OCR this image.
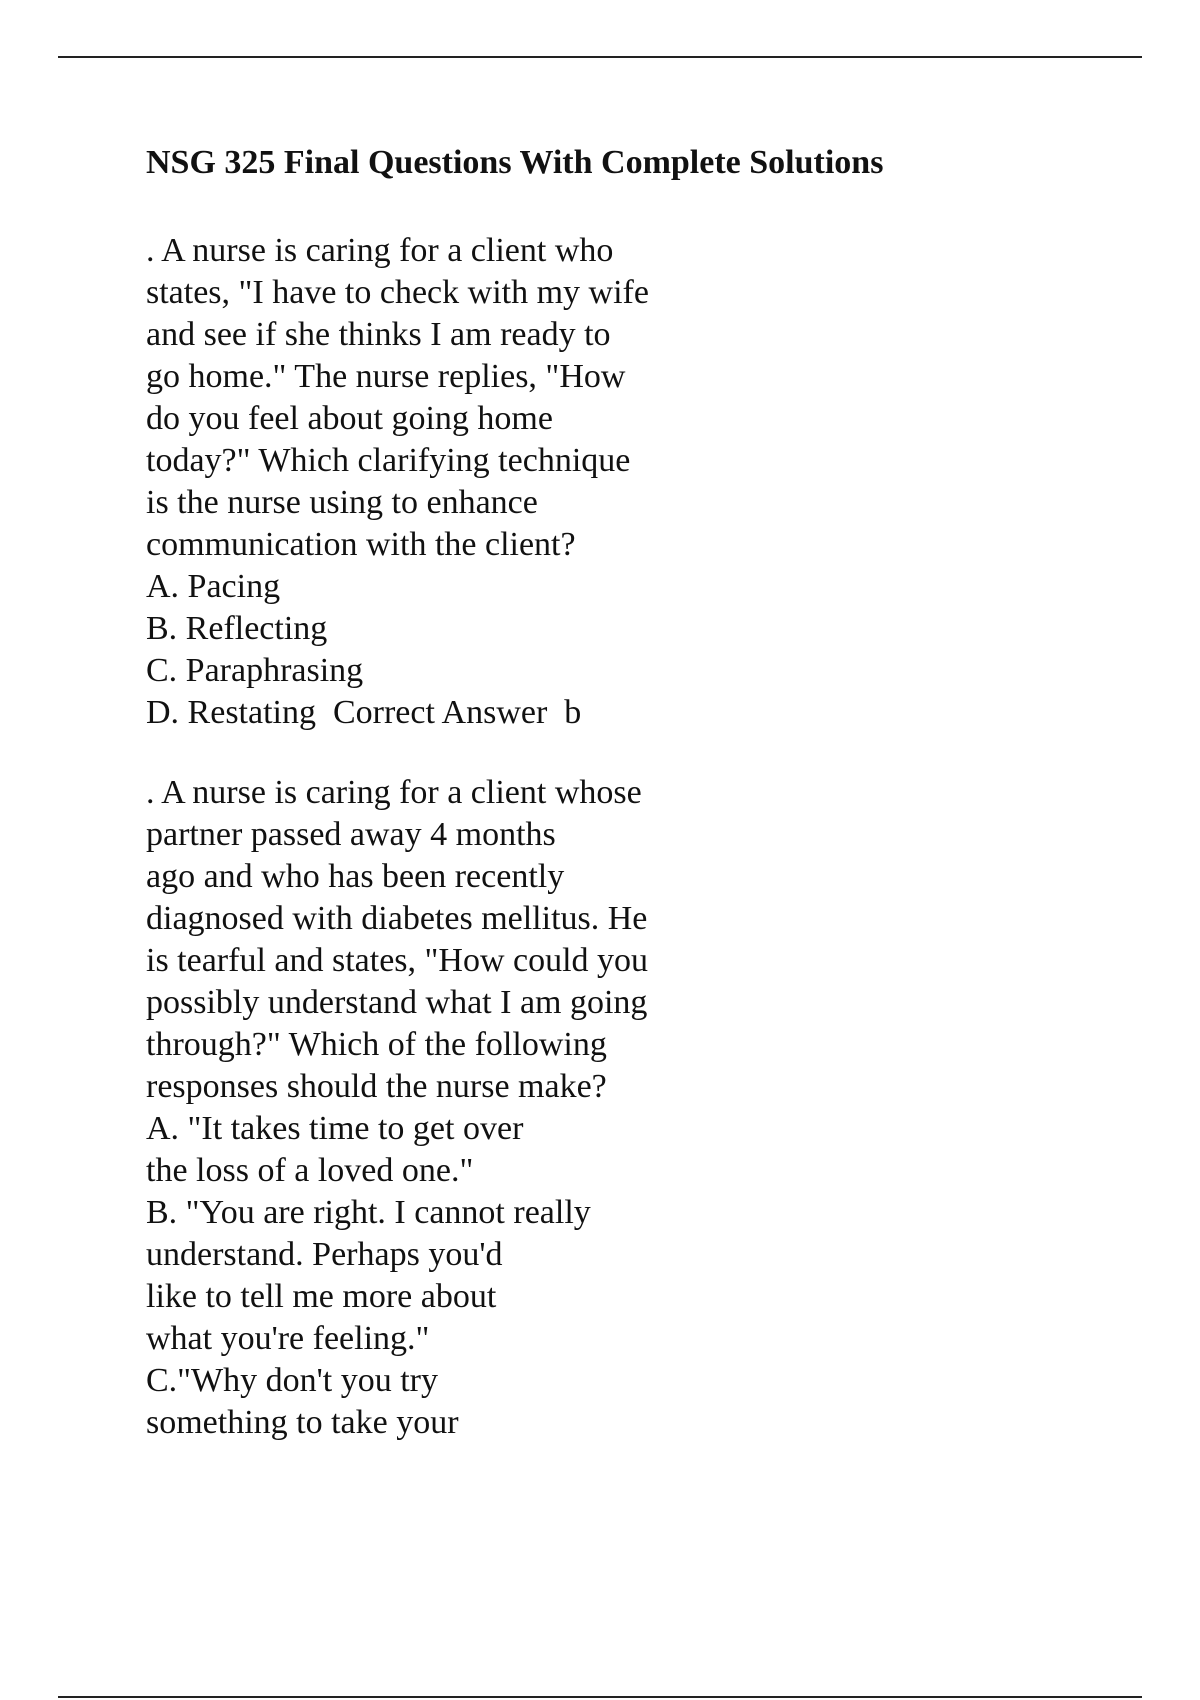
NSG 325 Final Questions With Complete Solutions
. A nurse is caring for a client who
states, "I have to check with my wife
and see if she thinks I am ready to
go home." The nurse replies, "How
do you feel about going home
today?" Which clarifying technique
is the nurse using to enhance
communication with the client?
A. Pacing
B. Reflecting
C. Paraphrasing
D. Restating  Correct Answer  b
. A nurse is caring for a client whose
partner passed away 4 months
ago and who has been recently
diagnosed with diabetes mellitus. He
is tearful and states, "How could you
possibly understand what I am going
through?" Which of the following
responses should the nurse make?
A. "It takes time to get over
the loss of a loved one."
B. "You are right. I cannot really
understand. Perhaps you'd
like to tell me more about
what you're feeling."
C."Why don't you try
something to take your
